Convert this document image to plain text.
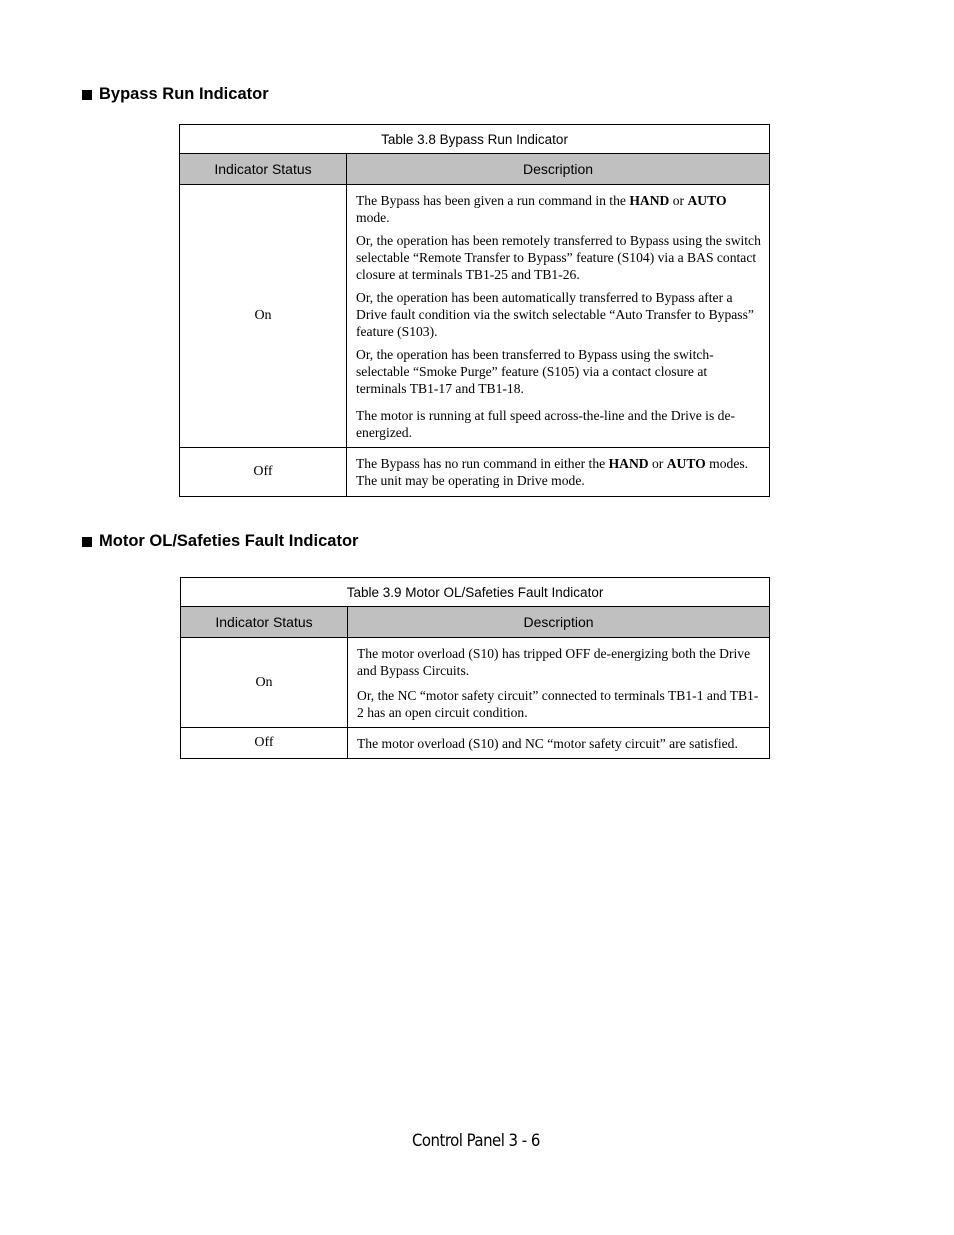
Bypass Run Indicator
Table 3.8 Bypass Run Indicator	
Indicator Status	Description
On	The Bypass has been given a run command in the HAND or AUTO mode.

Or, the operation has been remotely transferred to Bypass using the switch selectable “Remote Transfer to Bypass” feature (S104) via a BAS contact closure at terminals TB1-25 and TB1-26.

Or, the operation has been automatically transferred to Bypass after a Drive fault condition via the switch selectable “Auto Transfer to Bypass” feature (S103).

Or, the operation has been transferred to Bypass using the switch-selectable “Smoke Purge” feature (S105) via a contact closure at terminals TB1-17 and TB1-18.

The motor is running at full speed across-the-line and the Drive is de-energized.

Off	The Bypass has no run command in either the HAND or AUTO modes. The unit may be operating in Drive mode.

Motor OL/Safeties Fault Indicator
Table 3.9 Motor OL/Safeties Fault Indicator	
Indicator Status	Description
On	The motor overload (S10) has tripped OFF de-energizing both the Drive and Bypass Circuits.

Or, the NC “motor safety circuit” connected to terminals TB1-1 and TB1-2 has an open circuit condition.

Off	The motor overload (S10) and NC “motor safety circuit” are satisfied.

Control Panel 3 - 6
